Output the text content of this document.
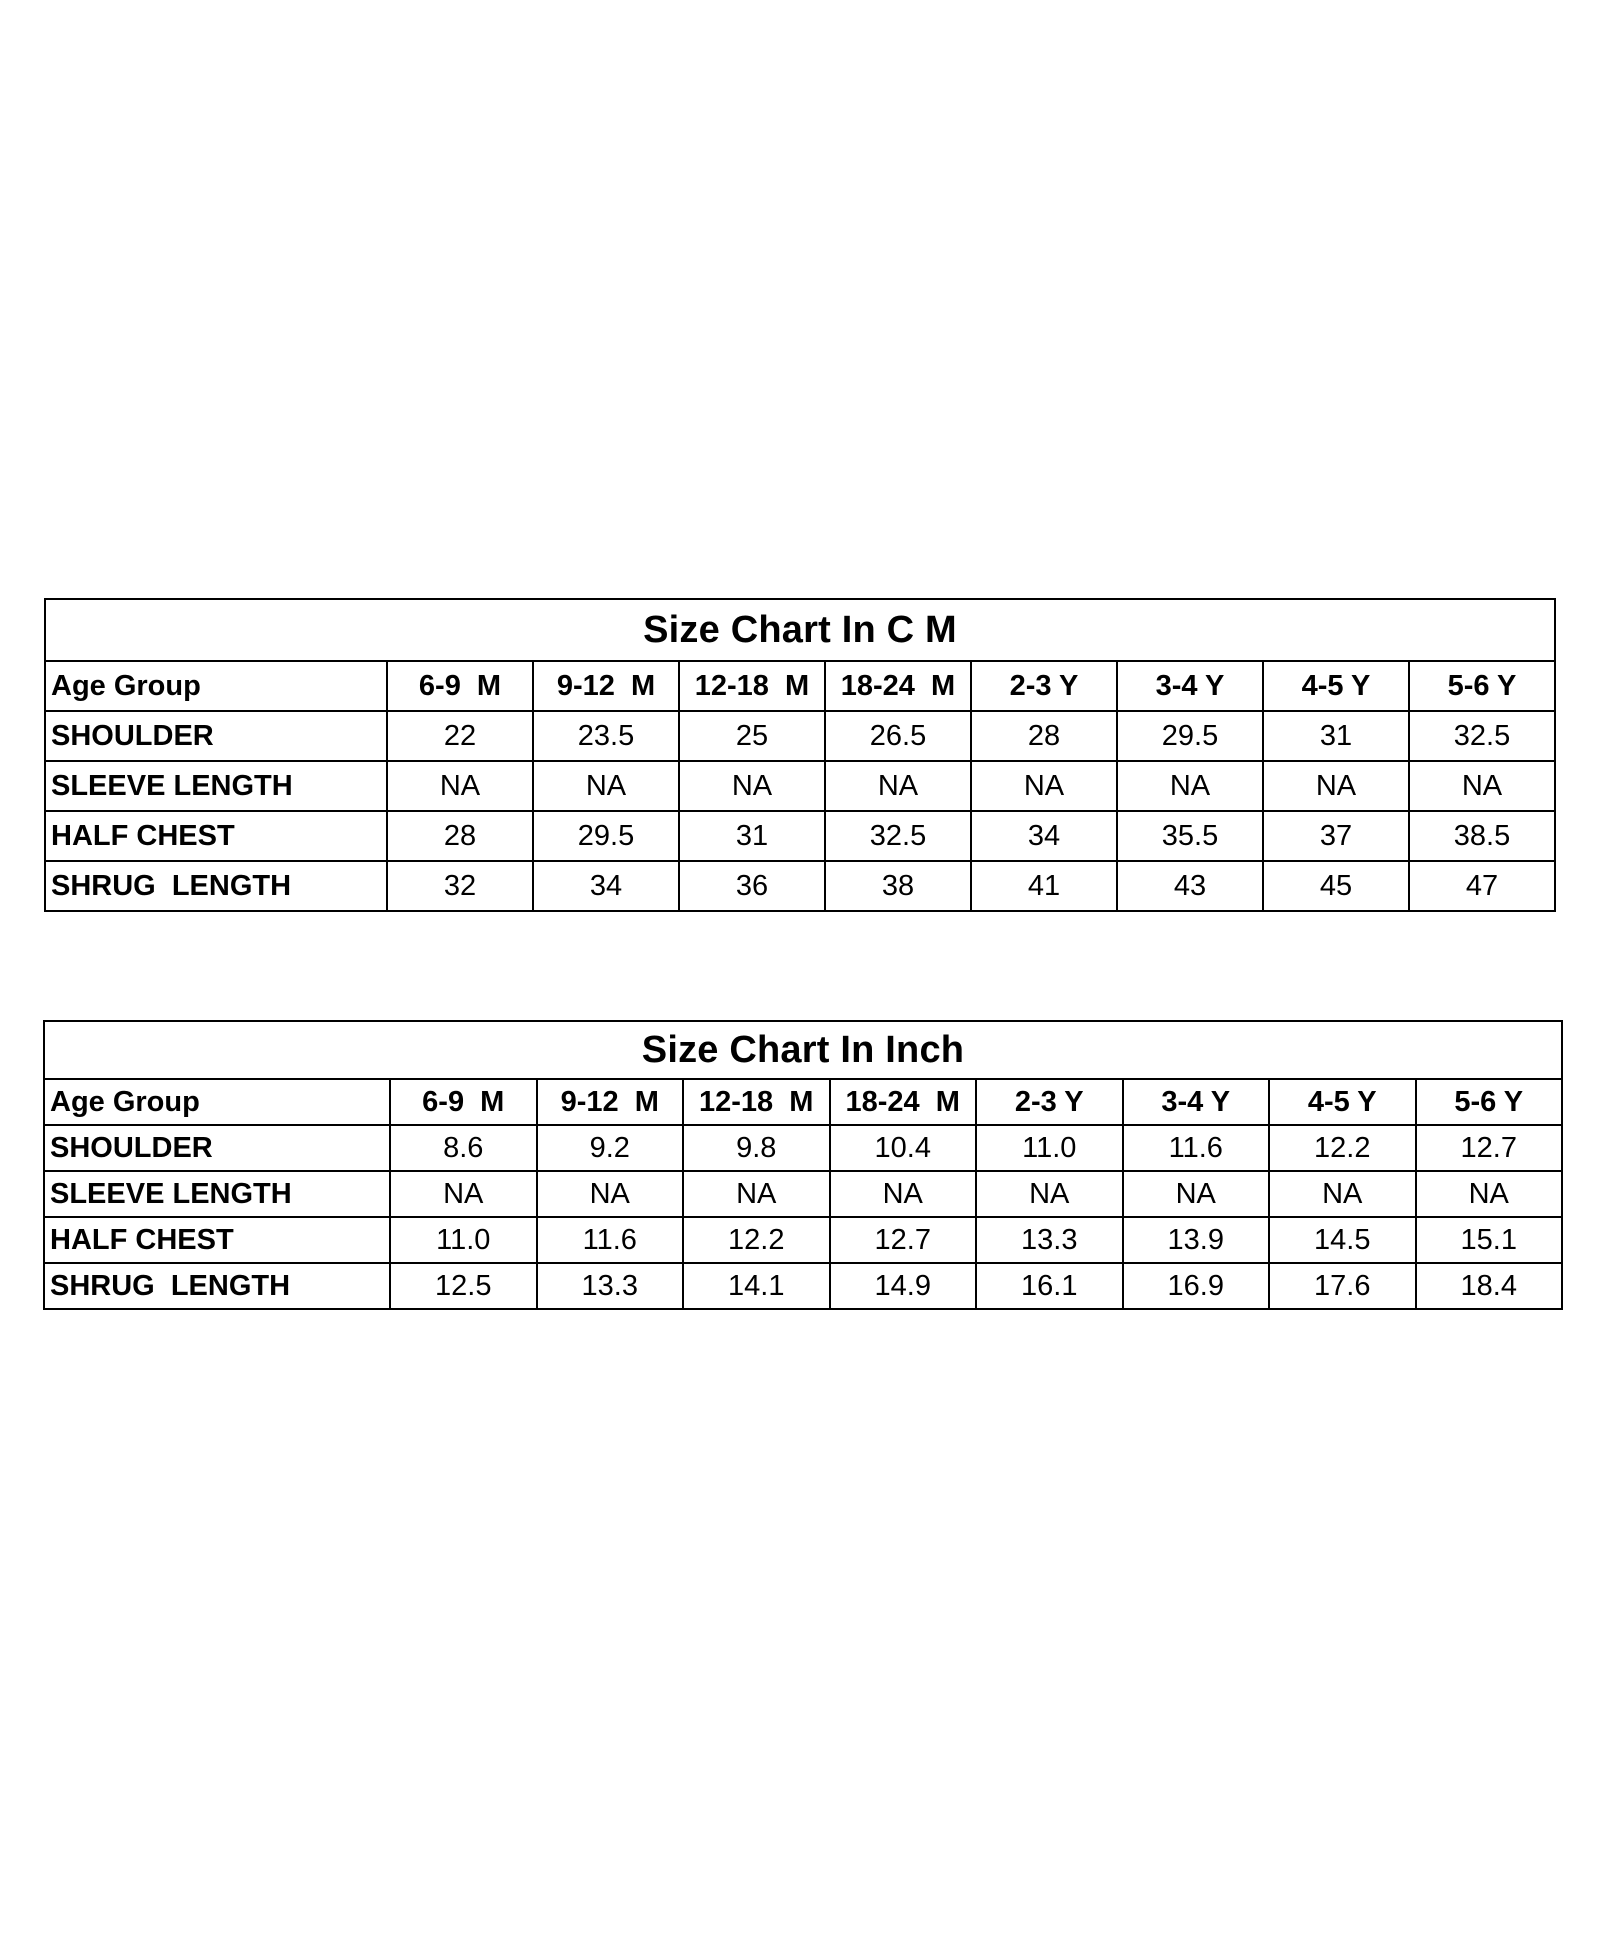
Size Chart In C M								
Age Group	6-9  M	9-12  M	12-18  M	18-24  M	2-3 Y	3-4 Y	4-5 Y	5-6 Y
SHOULDER	22	23.5	25	26.5	28	29.5	31	32.5
SLEEVE LENGTH	NA	NA	NA	NA	NA	NA	NA	NA
HALF CHEST	28	29.5	31	32.5	34	35.5	37	38.5
SHRUG  LENGTH	32	34	36	38	41	43	45	47
Size Chart In Inch								
Age Group	6-9  M	9-12  M	12-18  M	18-24  M	2-3 Y	3-4 Y	4-5 Y	5-6 Y
SHOULDER	8.6	9.2	9.8	10.4	11.0	11.6	12.2	12.7
SLEEVE LENGTH	NA	NA	NA	NA	NA	NA	NA	NA
HALF CHEST	11.0	11.6	12.2	12.7	13.3	13.9	14.5	15.1
SHRUG  LENGTH	12.5	13.3	14.1	14.9	16.1	16.9	17.6	18.4
